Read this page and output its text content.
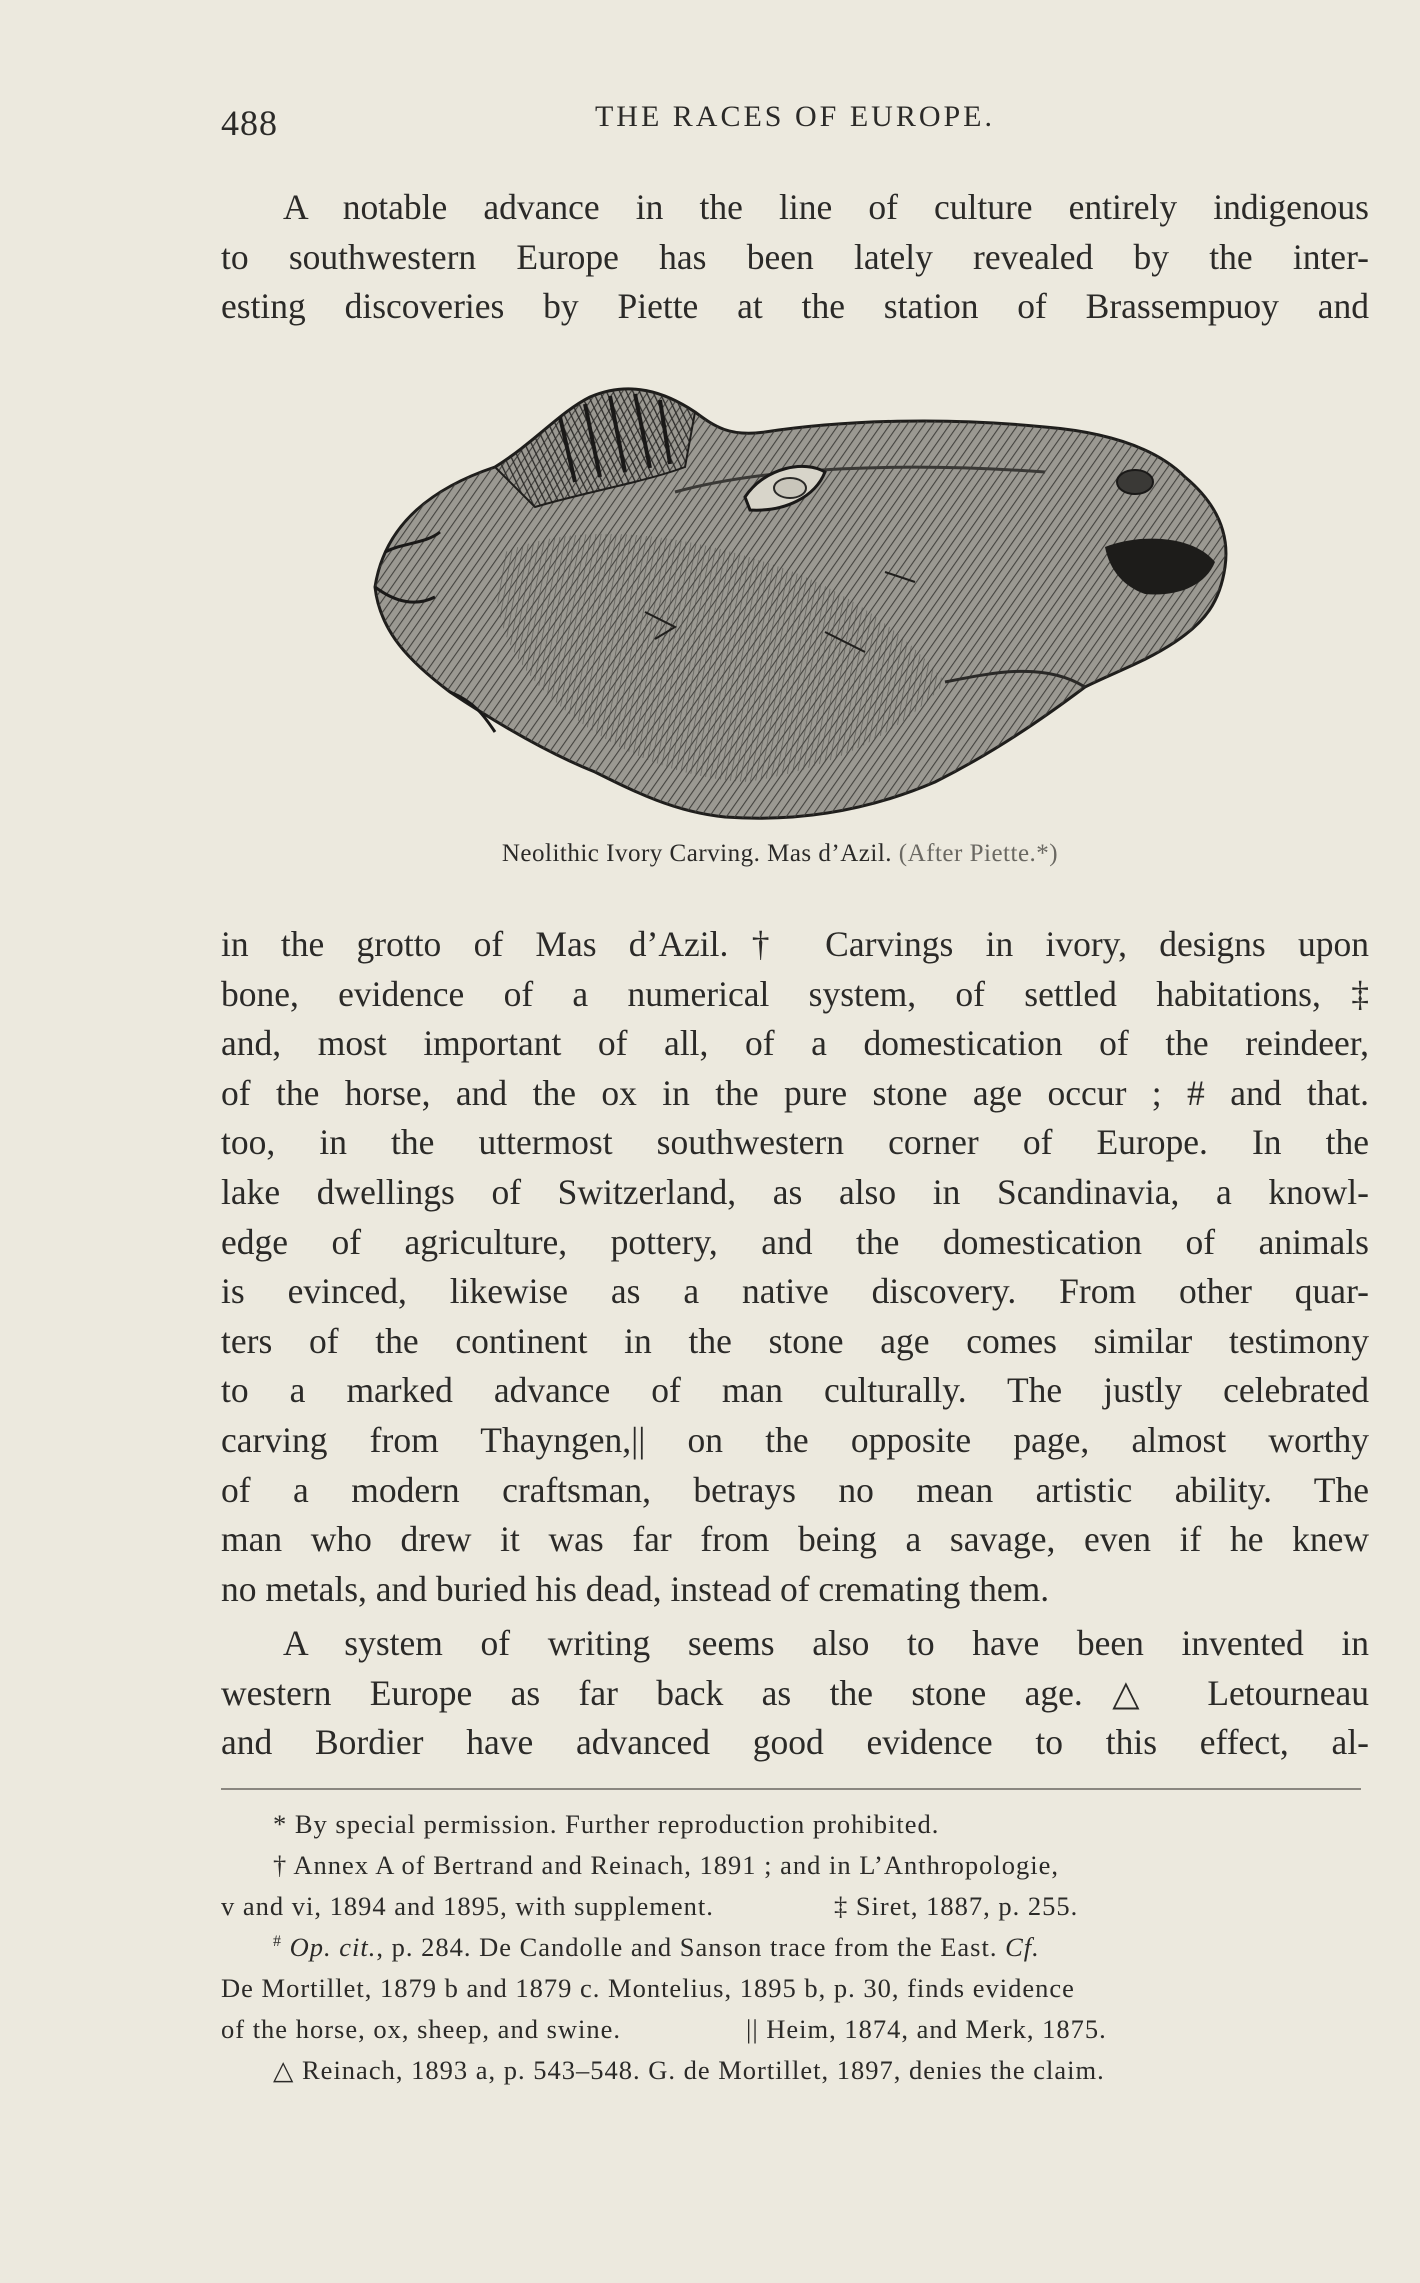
488	THE RACES OF EUROPE.
A notable advance in the line of culture entirely indigenous
to southwestern Europe has been lately revealed by the inter-
esting discoveries by Piette at the station of Brassempuoy and
Neolithic Ivory Carving. Mas d’Azil. (After Piette.*)
in the grotto of Mas d’Azil.† Carvings in ivory, designs upon
bone, evidence of a numerical system, of settled habitations,‡
and, most important of all, of a domestication of the reindeer,
of the horse, and the ox in the pure stone age occur ; # and that.
too, in the uttermost southwestern corner of Europe. In the
lake dwellings of Switzerland, as also in Scandinavia, a knowl-
edge of agriculture, pottery, and the domestication of animals
is evinced, likewise as a native discovery. From other quar-
ters of the continent in the stone age comes similar testimony
to a marked advance of man culturally. The justly celebrated
carving from Thayngen,|| on the opposite page, almost worthy
of a modern craftsman, betrays no mean artistic ability. The
man who drew it was far from being a savage, even if he knew
no metals, and buried his dead, instead of cremating them.
A system of writing seems also to have been invented in
western Europe as far back as the stone age.△ Letourneau
and Bordier have advanced good evidence to this effect, al-
* By special permission. Further reproduction prohibited.
† Annex A of Bertrand and Reinach, 1891 ; and in L’Anthropologie,
v and vi, 1894 and 1895, with supplement.	‡ Siret, 1887, p. 255.
# Op. cit., p. 284. De Candolle and Sanson trace from the East. Cf.
De Mortillet, 1879 b and 1879 c. Montelius, 1895 b, p. 30, finds evidence
of the horse, ox, sheep, and swine.	|| Heim, 1874, and Merk, 1875.
△ Reinach, 1893 a, p. 543–548. G. de Mortillet, 1897, denies the claim.
